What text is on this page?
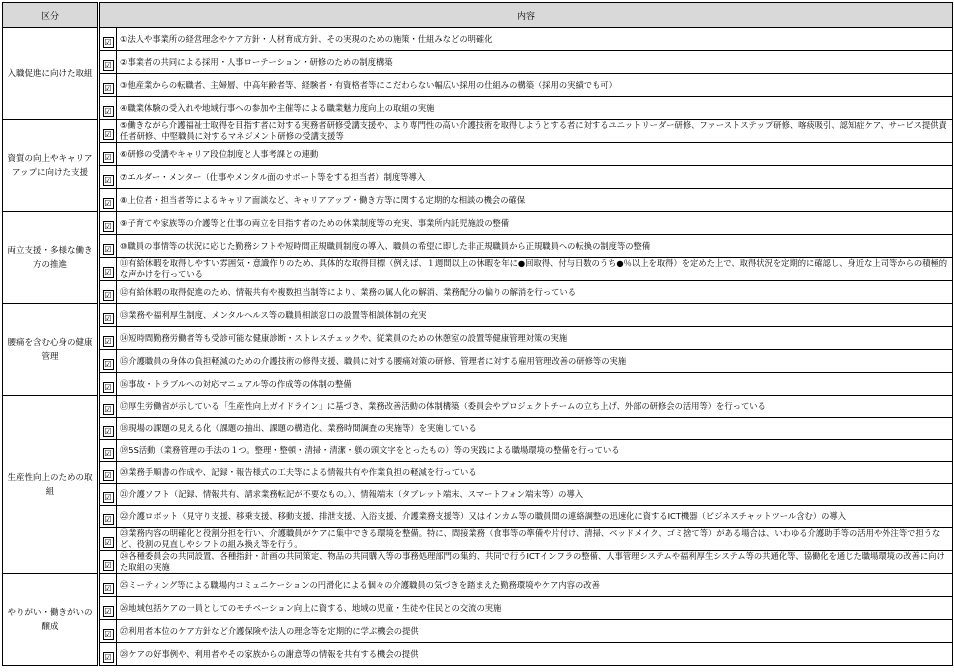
区分	内容	
入職促進に向けた取組	☑	①法人や事業所の経営理念やケア方針・人材育成方針、その実現のための施策・仕組みなどの明確化
	☑	②事業者の共同による採用・人事ローテーション・研修のための制度構築
	☑	③他産業からの転職者、主婦層、中高年齢者等、経験者・有資格者等にこだわらない幅広い採用の仕組みの構築（採用の実績でも可）
	☑	④職業体験の受入れや地域行事への参加や主催等による職業魅力度向上の取組の実施
資質の向上やキャリアアップに向けた支援	☑	⑤働きながら介護福祉士取得を目指す者に対する実務者研修受講支援や、より専門性の高い介護技術を取得しようとする者に対するユニットリーダー研修、ファーストステップ研修、喀痰吸引、認知症ケア、サービス提供責任者研修、中堅職員に対するマネジメント研修の受講支援等
	☑	⑥研修の受講やキャリア段位制度と人事考課との連動
	☑	⑦エルダー・メンター（仕事やメンタル面のサポート等をする担当者）制度等導入
	☑	⑧上位者・担当者等によるキャリア面談など、キャリアアップ・働き方等に関する定期的な相談の機会の確保
両立支援・多様な働き方の推進	☑	⑨子育てや家族等の介護等と仕事の両立を目指す者のための休業制度等の充実、事業所内託児施設の整備
	☑	⑩職員の事情等の状況に応じた勤務シフトや短時間正規職員制度の導入、職員の希望に即した非正規職員から正規職員への転換の制度等の整備
	☑	⑪有給休暇を取得しやすい雰囲気・意識作りのため、具体的な取得目標（例えば、１週間以上の休暇を年に●回取得、付与日数のうち●％以上を取得）を定めた上で、取得状況を定期的に確認し、身近な上司等からの積極的な声かけを行っている
	☑	⑫有給休暇の取得促進のため、情報共有や複数担当制等により、業務の属人化の解消、業務配分の偏りの解消を行っている
腰痛を含む心身の健康管理	☑	⑬業務や福利厚生制度、メンタルヘルス等の職員相談窓口の設置等相談体制の充実
	☑	⑭短時間勤務労働者等も受診可能な健康診断・ストレスチェックや、従業員のための休憩室の設置等健康管理対策の実施
	☑	⑮介護職員の身体の負担軽減のための介護技術の修得支援、職員に対する腰痛対策の研修、管理者に対する雇用管理改善の研修等の実施
	☑	⑯事故・トラブルへの対応マニュアル等の作成等の体制の整備
生産性向上のための取組	☑	⑰厚生労働省が示している「生産性向上ガイドライン」に基づき、業務改善活動の体制構築（委員会やプロジェクトチームの立ち上げ、外部の研修会の活用等）を行っている
	☑	⑱現場の課題の見える化（課題の抽出、課題の構造化、業務時間調査の実施等）を実施している
	☑	⑲5S活動（業務管理の手法の１つ。整理・整頓・清掃・清潔・躾の頭文字をとったもの）等の実践による職場環境の整備を行っている
	☑	⑳業務手順書の作成や、記録・報告様式の工夫等による情報共有や作業負担の軽減を行っている
	☑	㉑介護ソフト（記録、情報共有、請求業務転記が不要なもの。）、情報端末（タブレット端末、スマートフォン端末等）の導入
	☑	㉒介護ロボット（見守り支援、移乗支援、移動支援、排泄支援、入浴支援、介護業務支援等）又はインカム等の職員間の連絡調整の迅速化に資するICT機器（ビジネスチャットツール含む）の導入
	☑	㉓業務内容の明確化と役割分担を行い、介護職員がケアに集中できる環境を整備。特に、間接業務（食事等の準備や片付け、清掃、ベッドメイク、ゴミ捨て等）がある場合は、いわゆる介護助手等の活用や外注等で担うなど、役割の見直しやシフトの組み換え等を行う。
	☑	㉔各種委員会の共同設置、各種指針・計画の共同策定、物品の共同購入等の事務処理部門の集約、共同で行うICTインフラの整備、人事管理システムや福利厚生システム等の共通化等、協働化を通じた職場環境の改善に向けた取組の実施
やりがい・働きがいの醸成	☑	㉕ミーティング等による職場内コミュニケーションの円滑化による個々の介護職員の気づきを踏まえた勤務環境やケア内容の改善
	☑	㉖地域包括ケアの一員としてのモチベーション向上に資する、地域の児童・生徒や住民との交流の実施
	☑	㉗利用者本位のケア方針など介護保険や法人の理念等を定期的に学ぶ機会の提供
	☑	㉘ケアの好事例や、利用者やその家族からの謝意等の情報を共有する機会の提供
